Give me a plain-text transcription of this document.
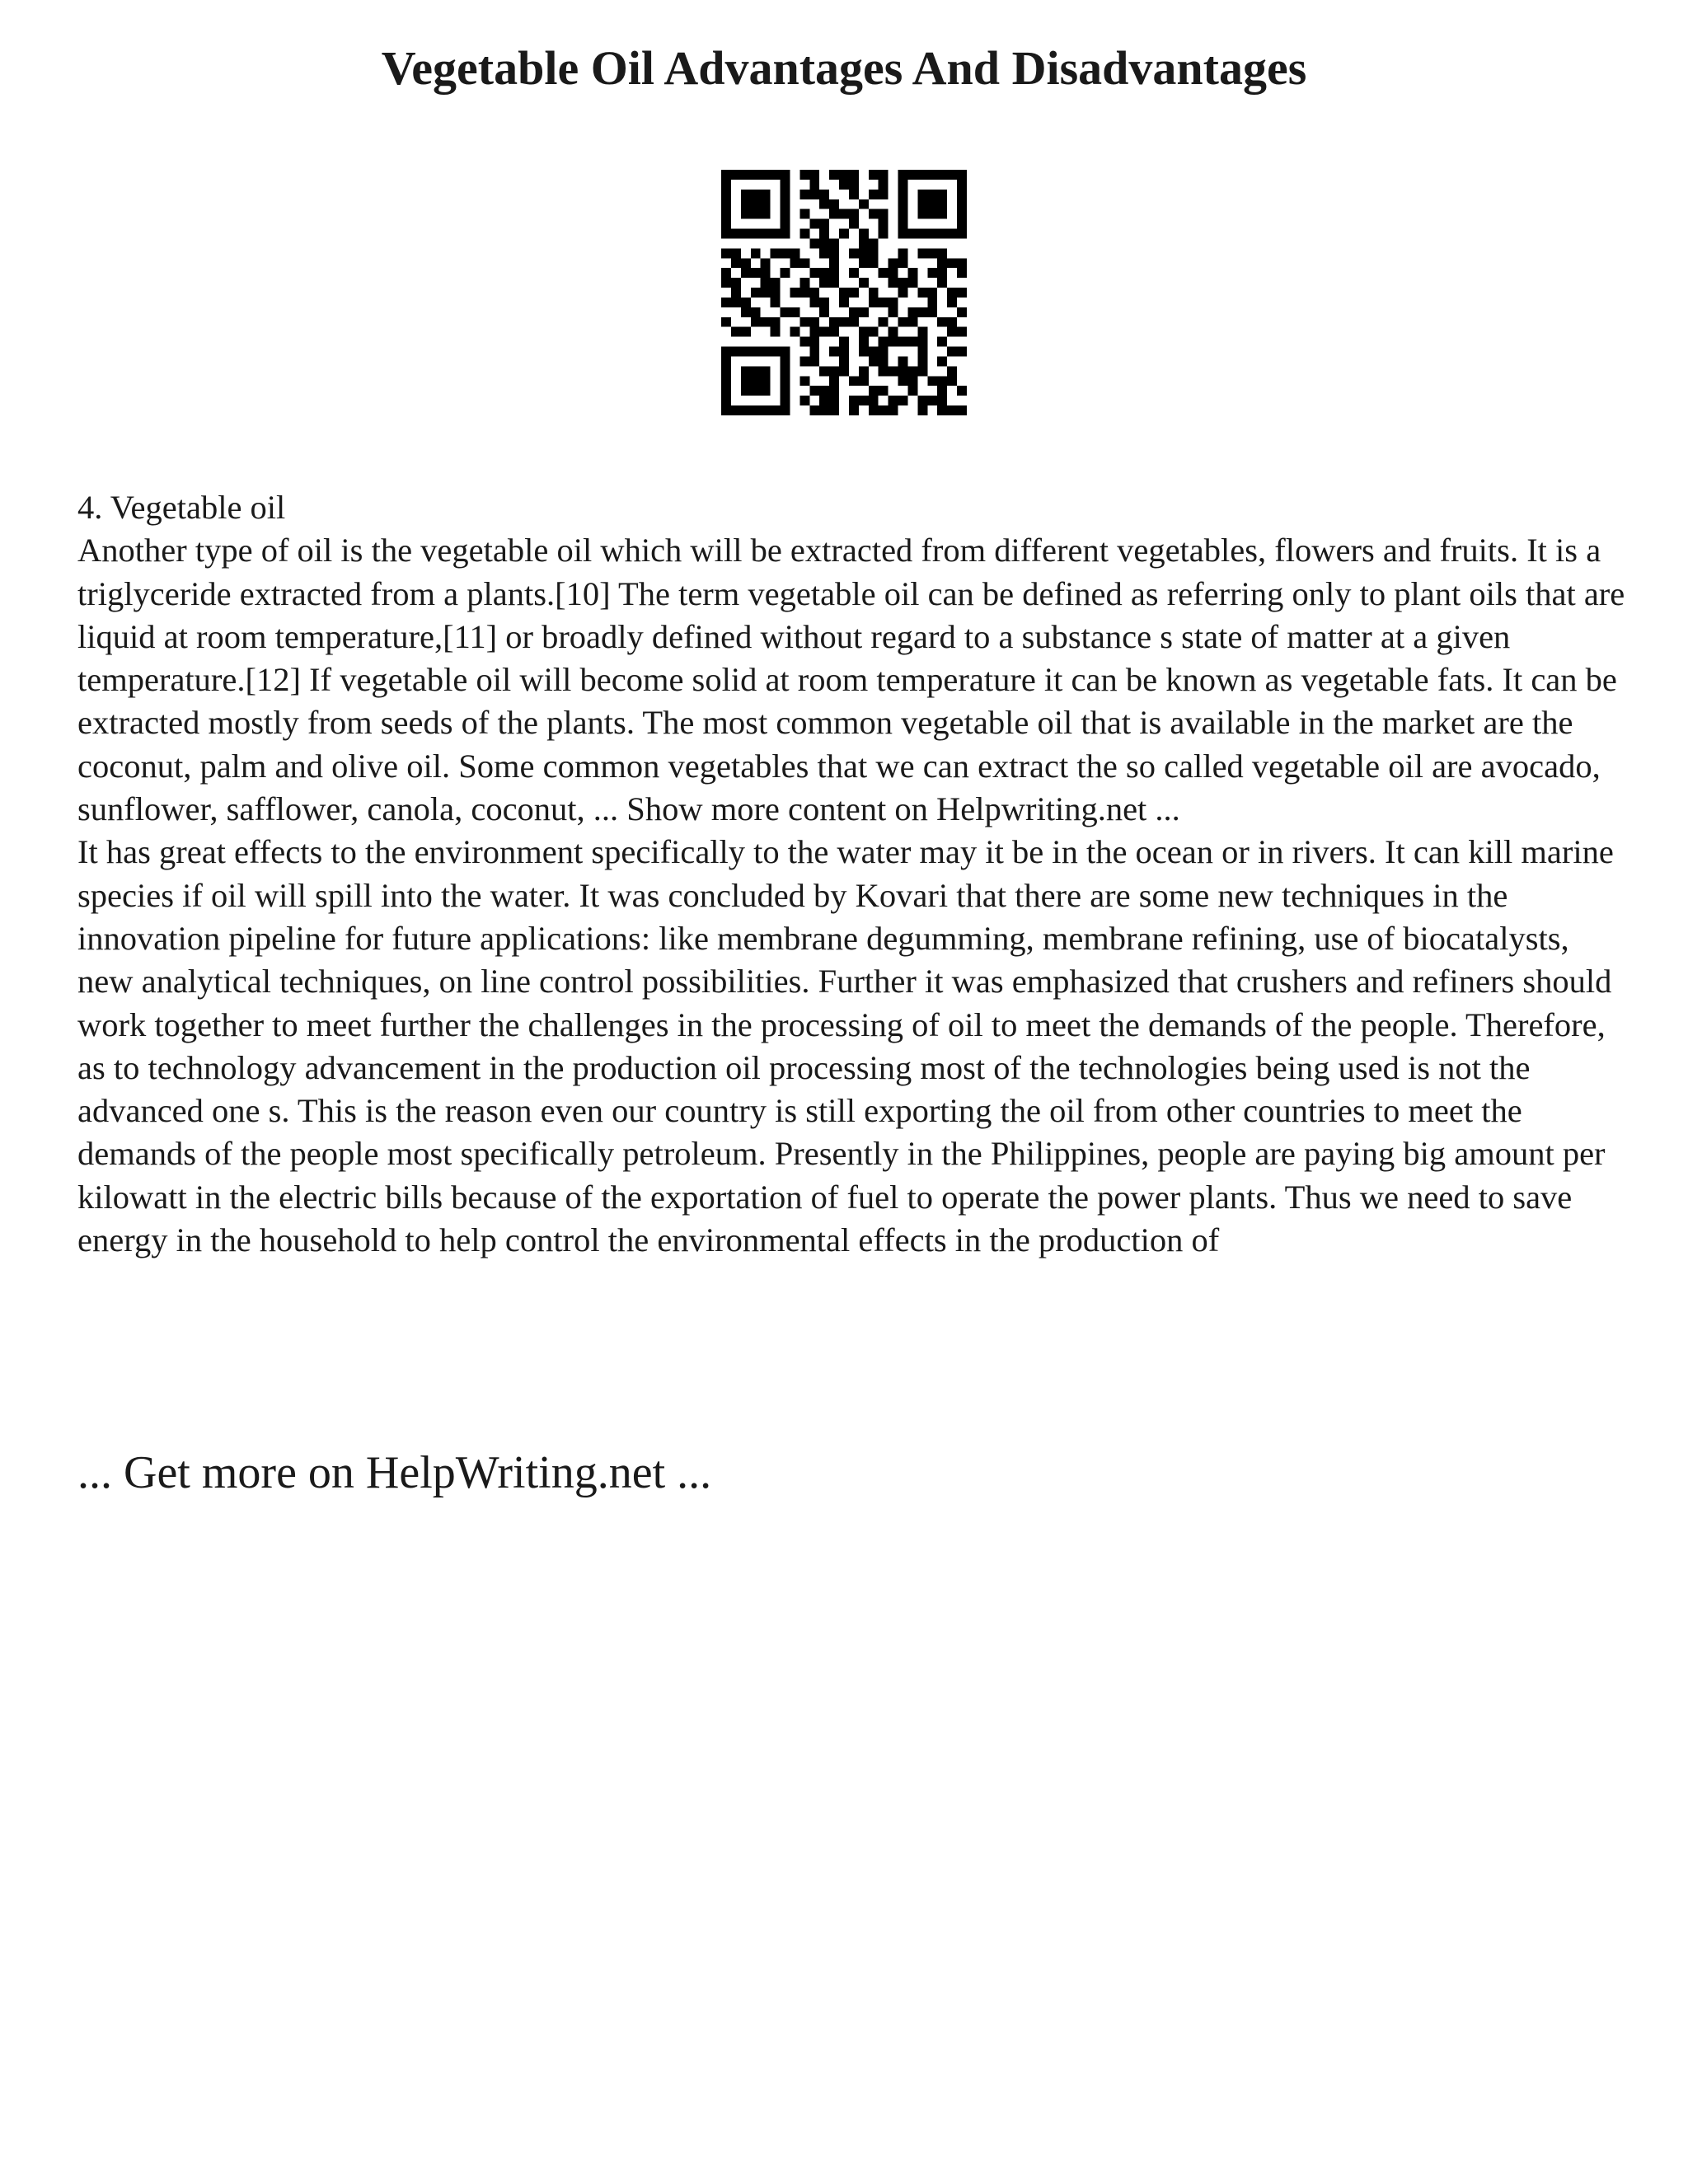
Vegetable Oil Advantages And Disadvantages

4. Vegetable oil

Another type of oil is the vegetable oil which will be extracted from different vegetables, flowers and fruits. It is a triglyceride extracted from a plants.[10] The term vegetable oil can be defined as referring only to plant oils that are liquid at room temperature,[11] or broadly defined without regard to a substance s state of matter at a given temperature.[12] If vegetable oil will become solid at room temperature it can be known as vegetable fats. It can be extracted mostly from seeds of the plants. The most common vegetable oil that is available in the market are the coconut, palm and olive oil. Some common vegetables that we can extract the so called vegetable oil are avocado, sunflower, safflower, canola, coconut, ... Show more content on Helpwriting.net ...

It has great effects to the environment specifically to the water may it be in the ocean or in rivers. It can kill marine species if oil will spill into the water. It was concluded by Kovari that there are some new techniques in the innovation pipeline for future applications: like membrane degumming, membrane refining, use of biocatalysts, new analytical techniques, on line control possibilities. Further it was emphasized that crushers and refiners should work together to meet further the challenges in the processing of oil to meet the demands of the people. Therefore, as to technology advancement in the production oil processing most of the technologies being used is not the advanced one s. This is the reason even our country is still exporting the oil from other countries to meet the demands of the people most specifically petroleum. Presently in the Philippines, people are paying big amount per kilowatt in the electric bills because of the exportation of fuel to operate the power plants. Thus we need to save energy in the household to help control the environmental effects in the production of

... Get more on HelpWriting.net ...
